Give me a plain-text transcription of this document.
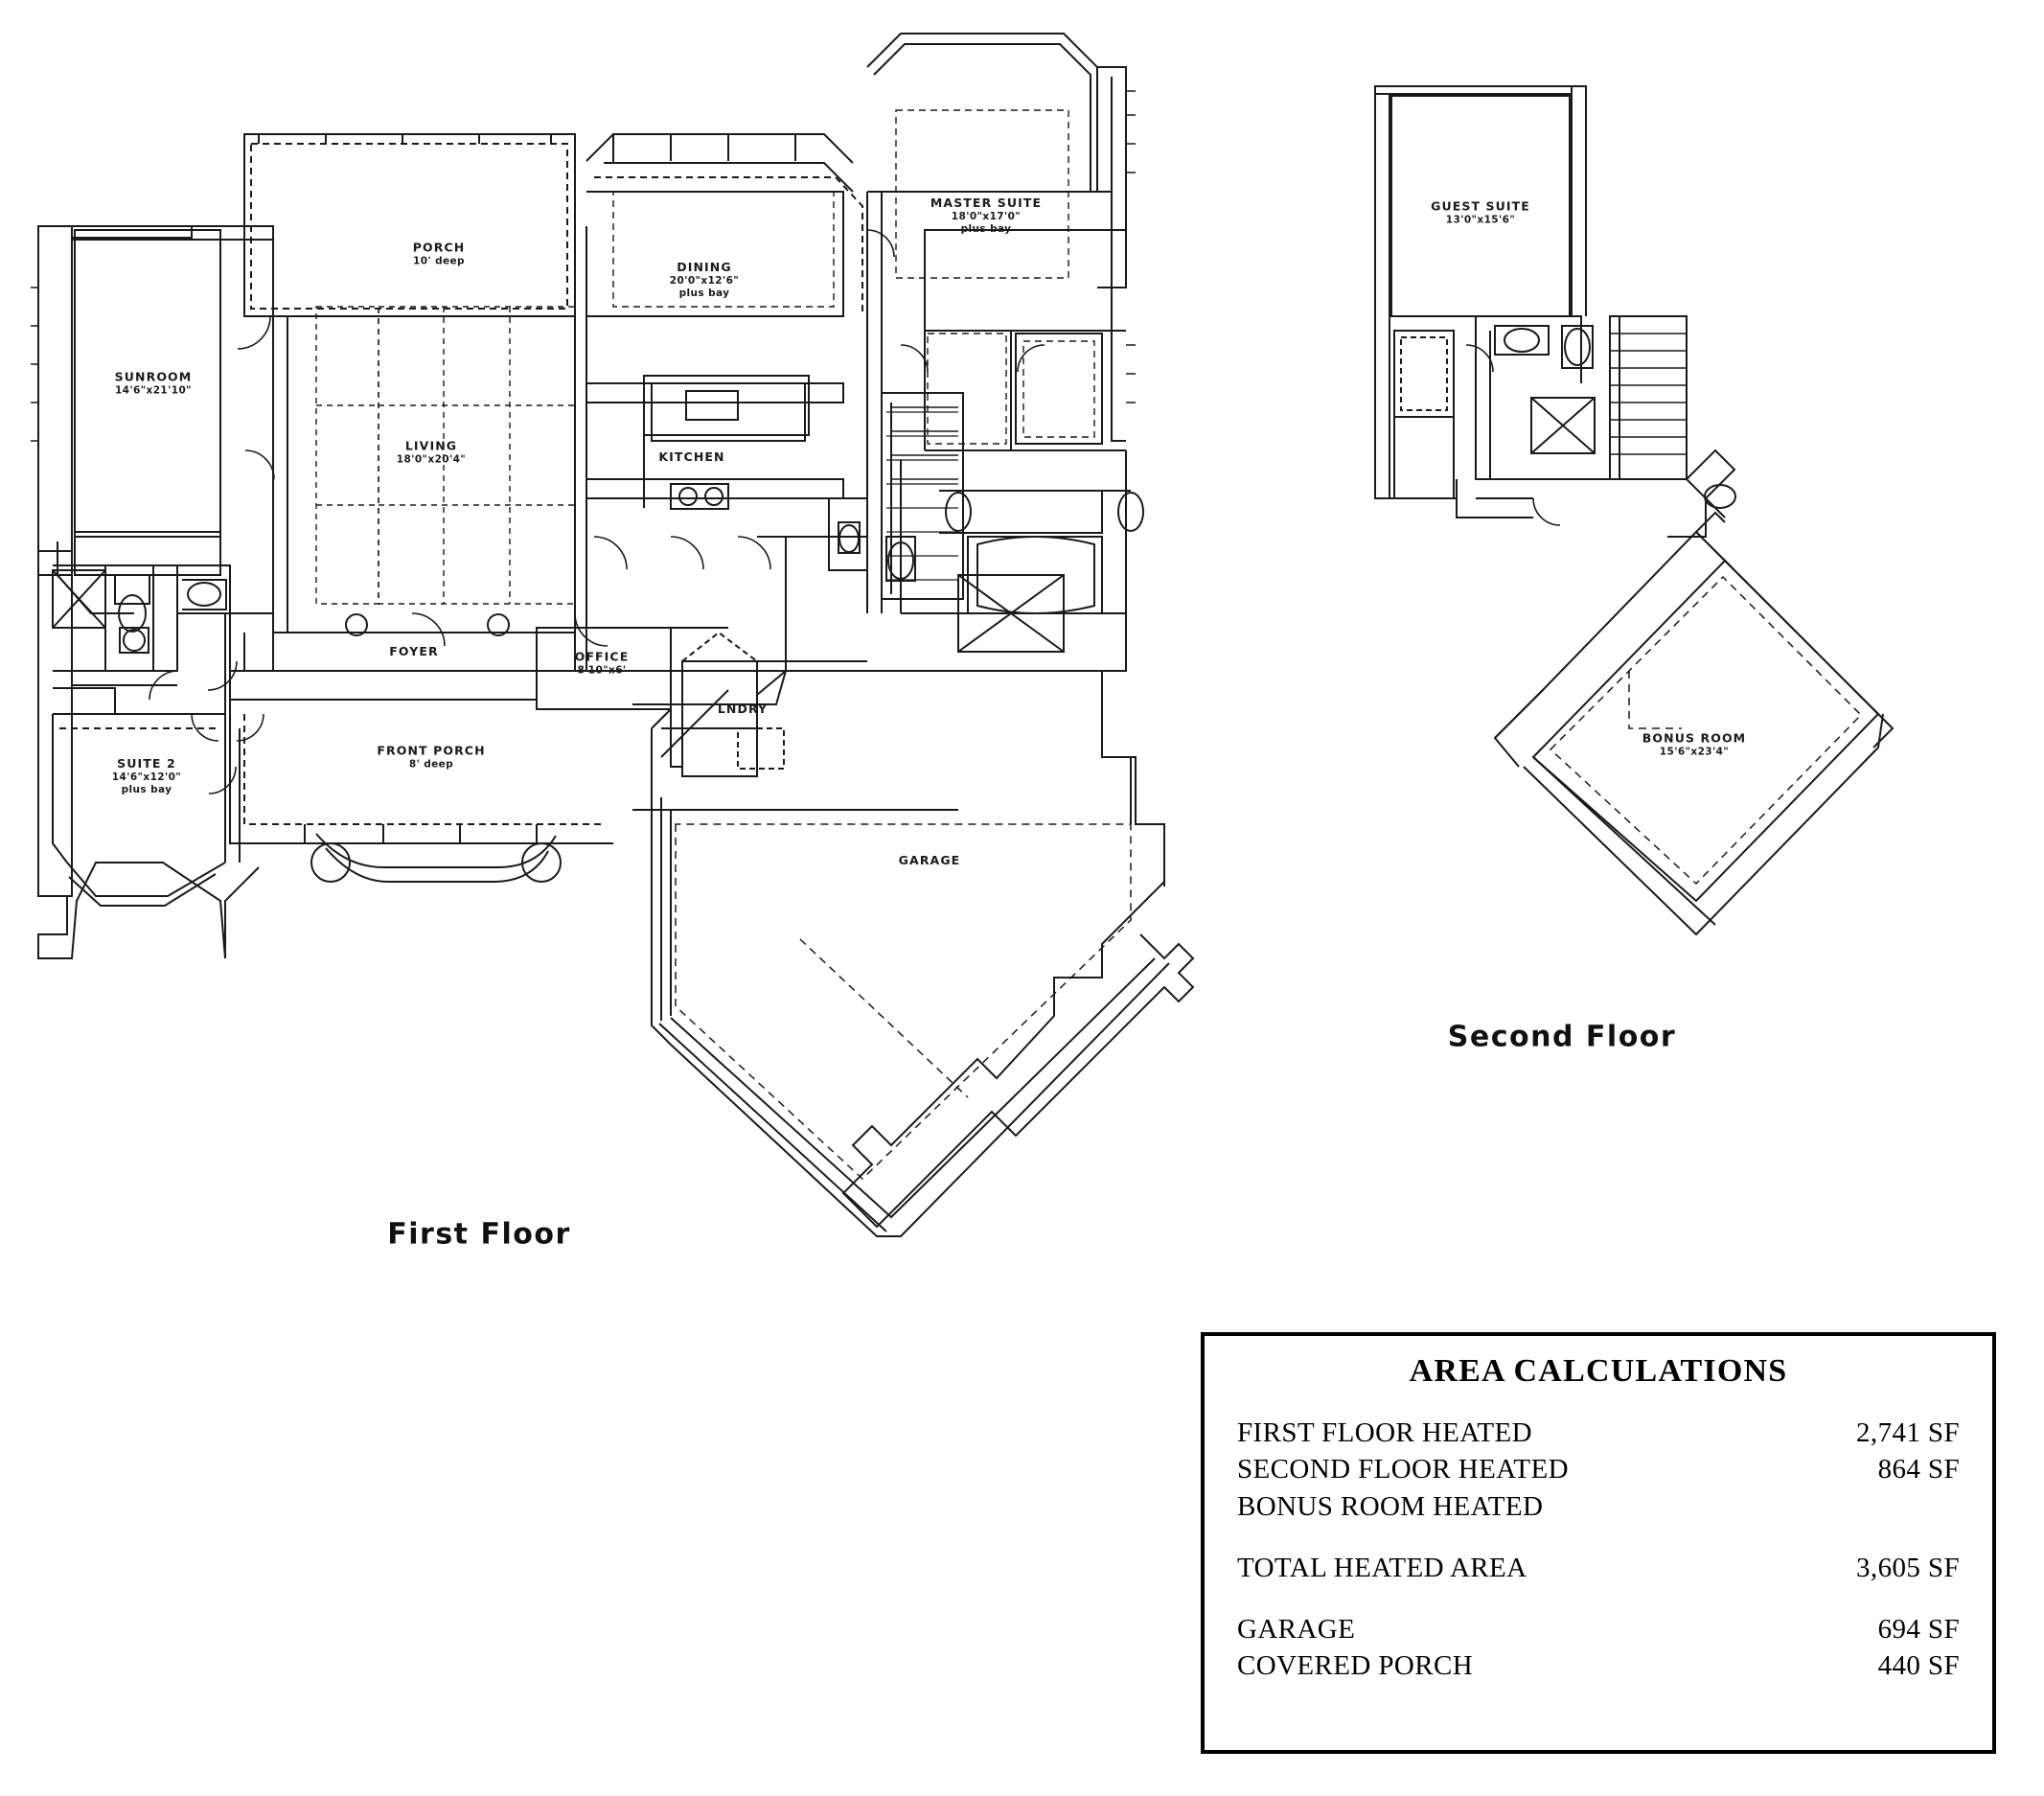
SUNROOM
14'6"x21'10"
PORCH
10' deep	DINING
20'0"x12'6"
plus bay
MASTER SUITE
18'0"x17'0"
plus bay
LIVING
18'0"x20'4"	KITCHEN
FOYER	OFFICE
8'10"x6'
LNDRY
SUITE 2
14'6"x12'0"
plus bay
FRONT PORCH
8' deep
GARAGE
GUEST SUITE
13'0"x15'6"
BONUS ROOM
15'6"x23'4"
First Floor
Second Floor
AREA CALCULATIONS
FIRST FLOOR HEATED	2,741 SF
SECOND FLOOR HEATED	864 SF
BONUS ROOM HEATED
TOTAL HEATED AREA	3,605 SF
GARAGE	694 SF
COVERED PORCH	440 SF
